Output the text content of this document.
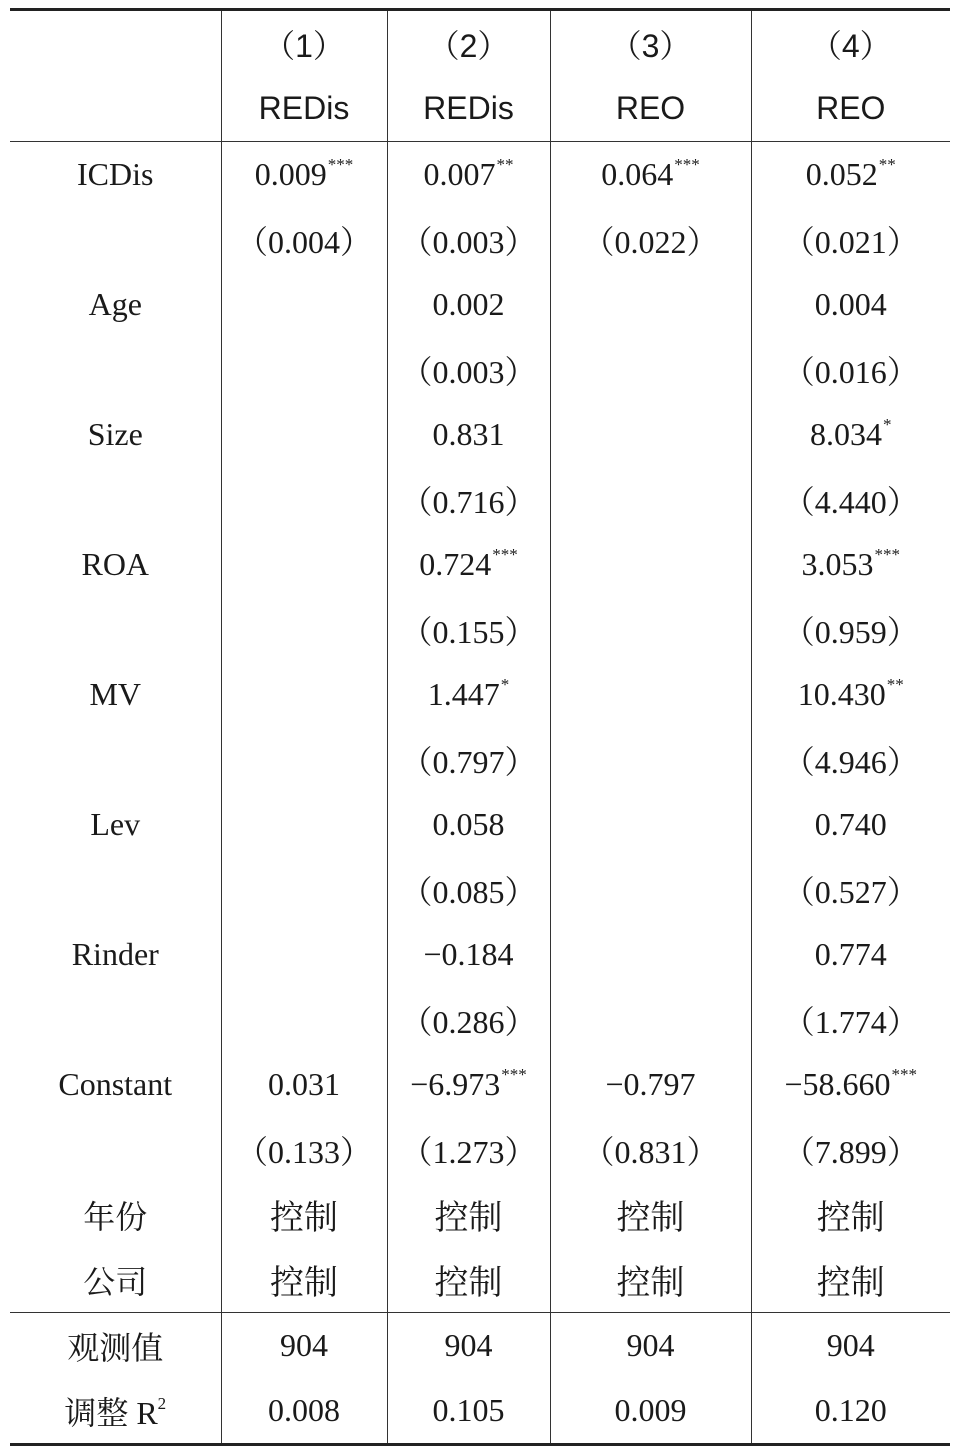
	（1）	（2）	（3）	（4）
	REDis	REDis	REO	REO
ICDis	0.009***	0.007**	0.064***	0.052**
	（0.004）	（0.003）	（0.022）	（0.021）
Age		0.002		0.004
		（0.003）		（0.016）
Size		0.831		8.034*
		（0.716）		（4.440）
ROA		0.724***		3.053***
		（0.155）		（0.959）
MV		1.447*		10.430**
		（0.797）		（4.946）
Lev		0.058		0.740
		（0.085）		（0.527）
Rinder		−0.184		0.774
		（0.286）		（1.774）
Constant	0.031	−6.973***	−0.797	−58.660***
	（0.133）	（1.273）	（0.831）	（7.899）
年份	控制	控制	控制	控制
公司	控制	控制	控制	控制
观测值	904	904	904	904
调整 $R^2$	0.008	0.105	0.009	0.120
